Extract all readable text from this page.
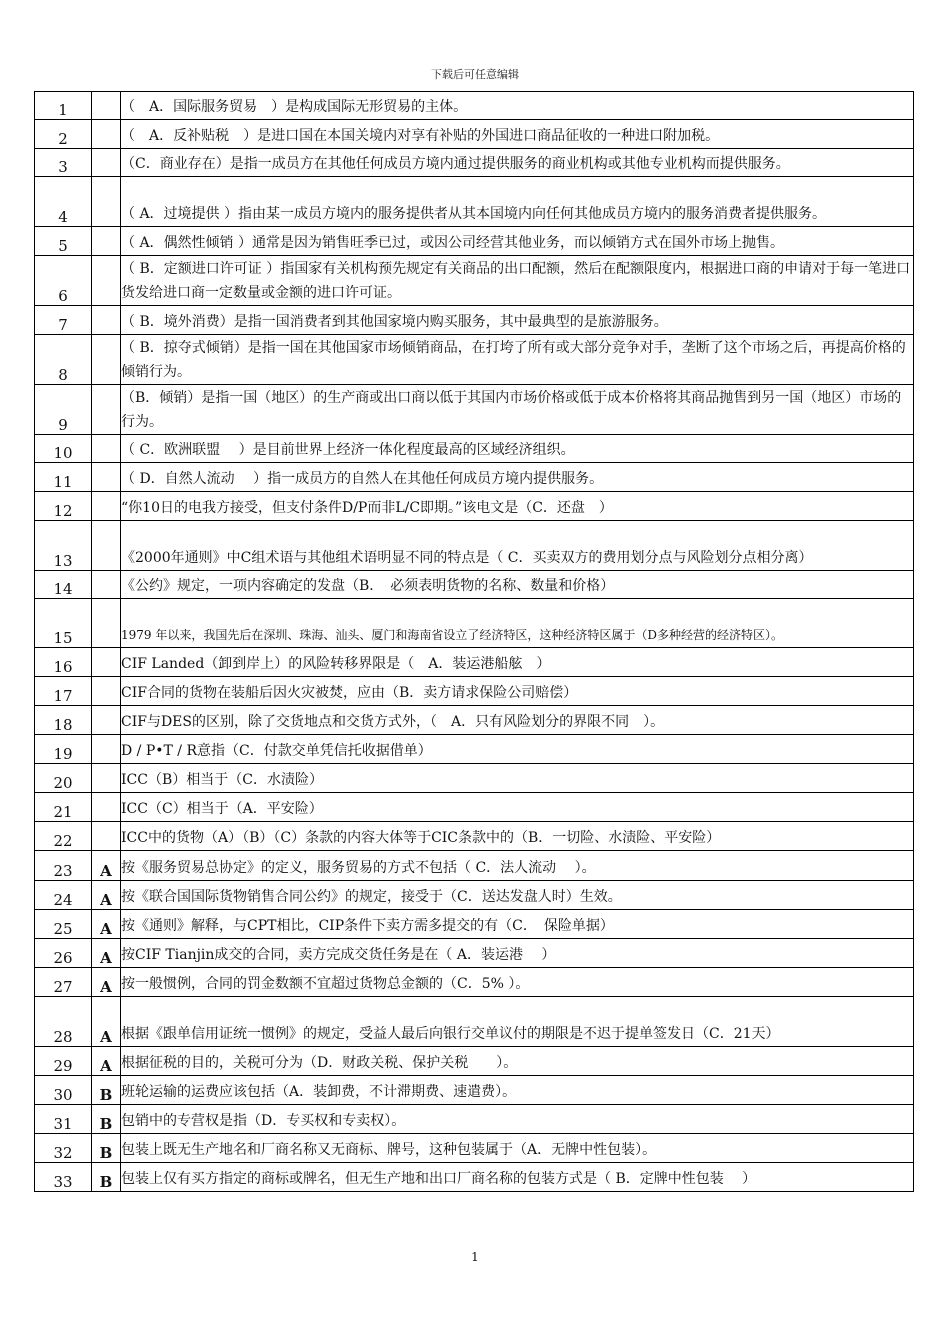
下载后可任意编辑
1		（　A．国际服务贸易　）是构成国际无形贸易的主体。
2		（　A．反补贴税　）是进口国在本国关境内对享有补贴的外国进口商品征收的一种进口附加税。
3		（C．商业存在）是指一成员方在其他任何成员方境内通过提供服务的商业机构或其他专业机构而提供服务。
4		（ A．过境提供 ）指由某一成员方境内的服务提供者从其本国境内向任何其他成员方境内的服务消费者提供服务。
5		（ A．偶然性倾销 ）通常是因为销售旺季已过，或因公司经营其他业务，而以倾销方式在国外市场上抛售。
6		（ B．定额进口许可证 ）指国家有关机构预先规定有关商品的出口配额，然后在配额限度内，根据进口商的申请对于每一笔进口货发给进口商一定数量或金额的进口许可证。
7		（ B．境外消费）是指一国消费者到其他国家境内购买服务，其中最典型的是旅游服务。
8		（ B．掠夺式倾销）是指一国在其他国家市场倾销商品，在打垮了所有或大部分竞争对手，垄断了这个市场之后，再提高价格的倾销行为。
9		（B．倾销）是指一国（地区）的生产商或出口商以低于其国内市场价格或低于成本价格将其商品抛售到另一国（地区）市场的行为。
10		（ C．欧洲联盟　 ）是目前世界上经济一体化程度最高的区域经济组织。
11		（ D．自然人流动　 ）指一成员方的自然人在其他任何成员方境内提供服务。
12		“你10日的电我方接受，但支付条件D/P而非L/C即期。”该电文是（C．还盘　）
13		《2000年通则》中C组术语与其他组术语明显不同的特点是（ C．买卖双方的费用划分点与风险划分点相分离）
14		《公约》规定，一项内容确定的发盘（B．　必须表明货物的名称、数量和价格）
15		1979 年以来，我国先后在深圳、珠海、汕头、厦门和海南省设立了经济特区，这种经济特区属于（D多种经营的经济特区）。
16		CIF Landed（卸到岸上）的风险转移界限是（　A．装运港船舷　）
17		CIF合同的货物在装船后因火灾被焚，应由（B．卖方请求保险公司赔偿）
18		CIF与DES的区别，除了交货地点和交货方式外，（　A．只有风险划分的界限不同　）。
19		D / P•T / R意指（C．付款交单凭信托收据借单）
20		ICC（B）相当于（C．水渍险）
21		ICC（C）相当于（A．平安险）
22		ICC中的货物（A）（B）（C）条款的内容大体等于CIC条款中的（B．一切险、水渍险、平安险）
23	A	按《服务贸易总协定》的定义，服务贸易的方式不包括（ C．法人流动　 ）。
24	A	按《联合国国际货物销售合同公约》的规定，接受于（C．送达发盘人时）生效。
25	A	按《通则》解释，与CPT相比，CIP条件下卖方需多提交的有（C．　保险单据）
26	A	按CIF Tianjin成交的合同，卖方完成交货任务是在（ A．装运港　 ）
27	A	按一般惯例，合同的罚金数额不宜超过货物总金额的（C．5% ）。
28	A	根据《跟单信用证统一惯例》的规定，受益人最后向银行交单议付的期限是不迟于提单签发日（C．21天）
29	A	根据征税的目的，关税可分为（D．财政关税、保护关税　　）。
30	B	班轮运输的运费应该包括（A．装卸费，不计滞期费、速遣费）。
31	B	包销中的专营权是指（D．专买权和专卖权）。
32	B	包装上既无生产地名和厂商名称又无商标、牌号，这种包装属于（A．无牌中性包装）。
33	B	包装上仅有买方指定的商标或牌名，但无生产地和出口厂商名称的包装方式是（ B．定牌中性包装　 ）
1
